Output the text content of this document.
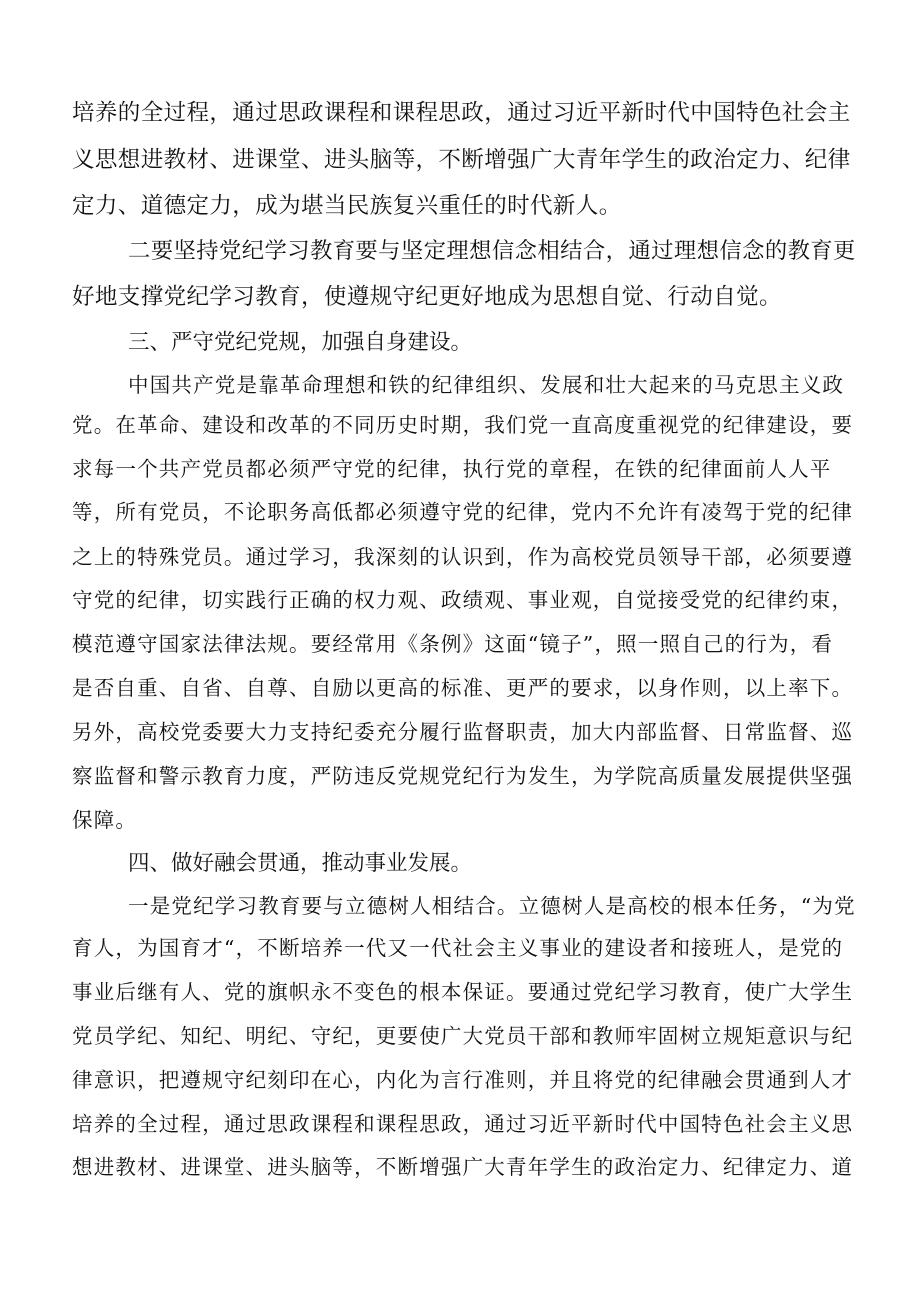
培养的全过程，通过思政课程和课程思政，通过习近平新时代中国特色社会主
义思想进教材、进课堂、进头脑等，不断增强广大青年学生的政治定力、纪律
定力、道德定力，成为堪当民族复兴重任的时代新人。
二要坚持党纪学习教育要与坚定理想信念相结合，通过理想信念的教育更
好地支撑党纪学习教育，使遵规守纪更好地成为思想自觉、行动自觉。
三、严守党纪党规，加强自身建设。
中国共产党是靠革命理想和铁的纪律组织、发展和壮大起来的马克思主义政
党。在革命、建设和改革的不同历史时期，我们党一直高度重视党的纪律建设，要
求每一个共产党员都必须严守党的纪律，执行党的章程，在铁的纪律面前人人平
等，所有党员，不论职务高低都必须遵守党的纪律，党内不允许有凌驾于党的纪律
之上的特殊党员。通过学习，我深刻的认识到，作为高校党员领导干部，必须要遵
守党的纪律，切实践行正确的权力观、政绩观、事业观，自觉接受党的纪律约束，
模范遵守国家法律法规。要经常用《条例》这面“镜子”，照一照自己的行为，看
是否自重、自省、自尊、自励以更高的标准、更严的要求，以身作则，以上率下。
另外，高校党委要大力支持纪委充分履行监督职责，加大内部监督、日常监督、巡
察监督和警示教育力度，严防违反党规党纪行为发生，为学院高质量发展提供坚强
保障。
四、做好融会贯通，推动事业发展。
一是党纪学习教育要与立德树人相结合。立德树人是高校的根本任务，“为党
育人，为国育才“，不断培养一代又一代社会主义事业的建设者和接班人，是党的
事业后继有人、党的旗帜永不变色的根本保证。要通过党纪学习教育，使广大学生
党员学纪、知纪、明纪、守纪，更要使广大党员干部和教师牢固树立规矩意识与纪
律意识，把遵规守纪刻印在心，内化为言行准则，并且将党的纪律融会贯通到人才
培养的全过程，通过思政课程和课程思政，通过习近平新时代中国特色社会主义思
想进教材、进课堂、进头脑等，不断增强广大青年学生的政治定力、纪律定力、道
